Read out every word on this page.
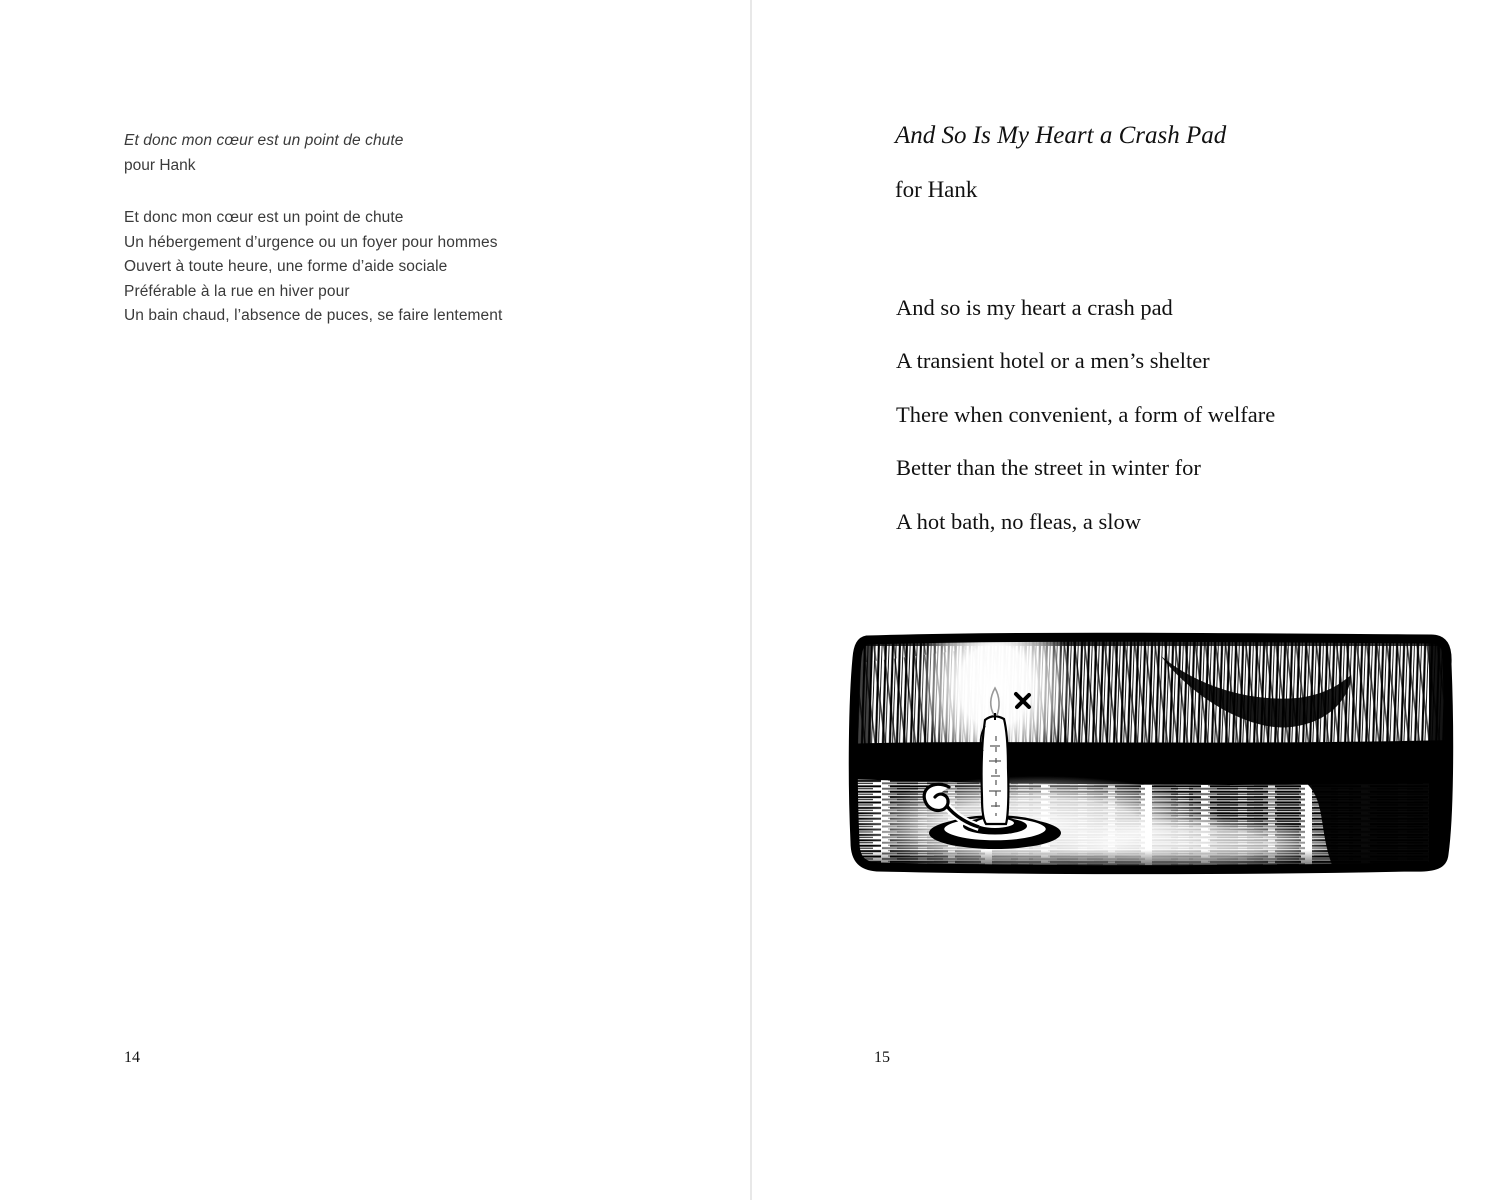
Et donc mon cœur est un point de chute

pour Hank

Et donc mon cœur est un point de chute

Un hébergement d’urgence ou un foyer pour hommes

Ouvert à toute heure, une forme d’aide sociale

Préférable à la rue en hiver pour

Un bain chaud, l’absence de puces, se faire lentement

14
And So Is My Heart a Crash Pad

for Hank

And so is my heart a crash pad

A transient hotel or a men’s shelter

There when convenient, a form of welfare

Better than the street in winter for

A hot bath, no fleas, a slow

15
